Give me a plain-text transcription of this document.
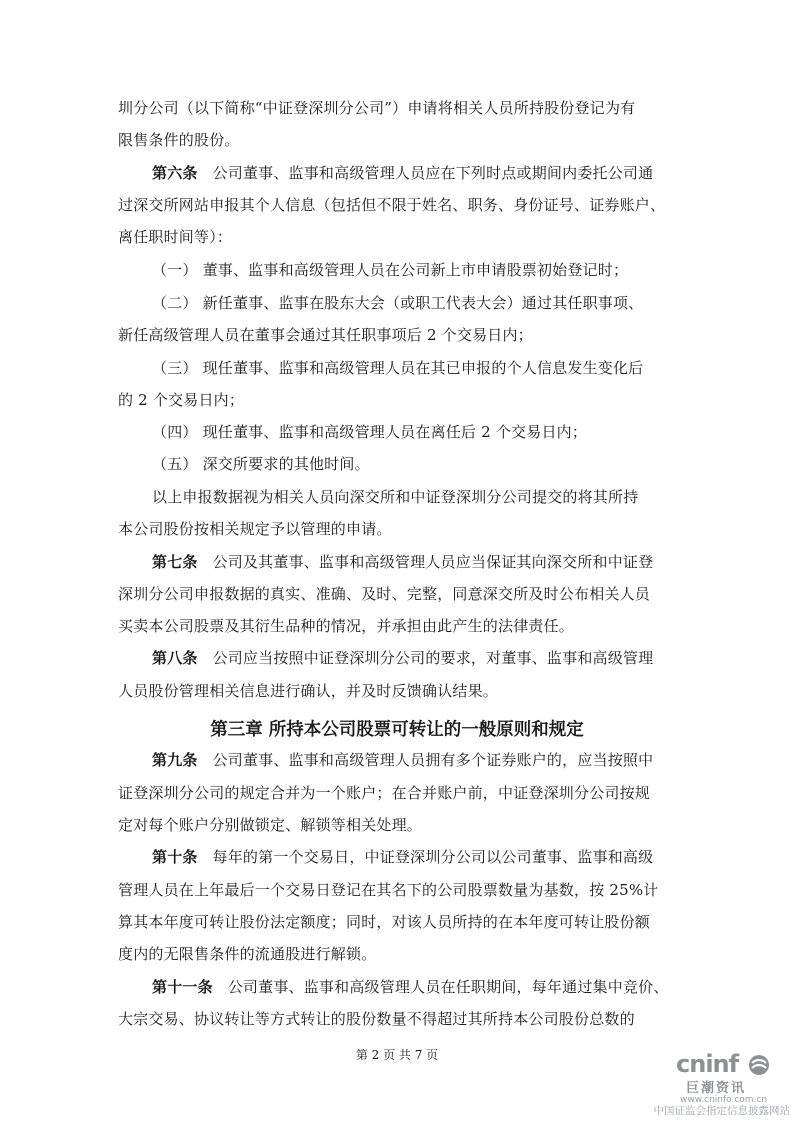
圳分公司（以下简称“中证登深圳分公司”）申请将相关人员所持股份登记为有
限售条件的股份。
第六条 公司董事、监事和高级管理人员应在下列时点或期间内委托公司通
过深交所网站申报其个人信息（包括但不限于姓名、职务、身份证号、证券账户、
离任职时间等）：
（一） 董事、监事和高级管理人员在公司新上市申请股票初始登记时；
（二） 新任董事、监事在股东大会（或职工代表大会）通过其任职事项、
新任高级管理人员在董事会通过其任职事项后 2 个交易日内；
（三） 现任董事、监事和高级管理人员在其已申报的个人信息发生变化后
的 2 个交易日内；
（四） 现任董事、监事和高级管理人员在离任后 2 个交易日内；
（五） 深交所要求的其他时间。
以上申报数据视为相关人员向深交所和中证登深圳分公司提交的将其所持
本公司股份按相关规定予以管理的申请。
第七条 公司及其董事、监事和高级管理人员应当保证其向深交所和中证登
深圳分公司申报数据的真实、准确、及时、完整，同意深交所及时公布相关人员
买卖本公司股票及其衍生品种的情况，并承担由此产生的法律责任。
第八条 公司应当按照中证登深圳分公司的要求，对董事、监事和高级管理
人员股份管理相关信息进行确认，并及时反馈确认结果。
第三章 所持本公司股票可转让的一般原则和规定
第九条 公司董事、监事和高级管理人员拥有多个证券账户的，应当按照中
证登深圳分公司的规定合并为一个账户；在合并账户前，中证登深圳分公司按规
定对每个账户分别做锁定、解锁等相关处理。
第十条 每年的第一个交易日，中证登深圳分公司以公司董事、监事和高级
管理人员在上年最后一个交易日登记在其名下的公司股票数量为基数，按 25%计
算其本年度可转让股份法定额度；同时，对该人员所持的在本年度可转让股份额
度内的无限售条件的流通股进行解锁。
第十一条 公司董事、监事和高级管理人员在任职期间，每年通过集中竞价、
大宗交易、协议转让等方式转让的股份数量不得超过其所持本公司股份总数的
第 2 页 共 7 页	cninf
巨潮资讯
www.cninfo.com.cn
中国证监会指定信息披露网站
